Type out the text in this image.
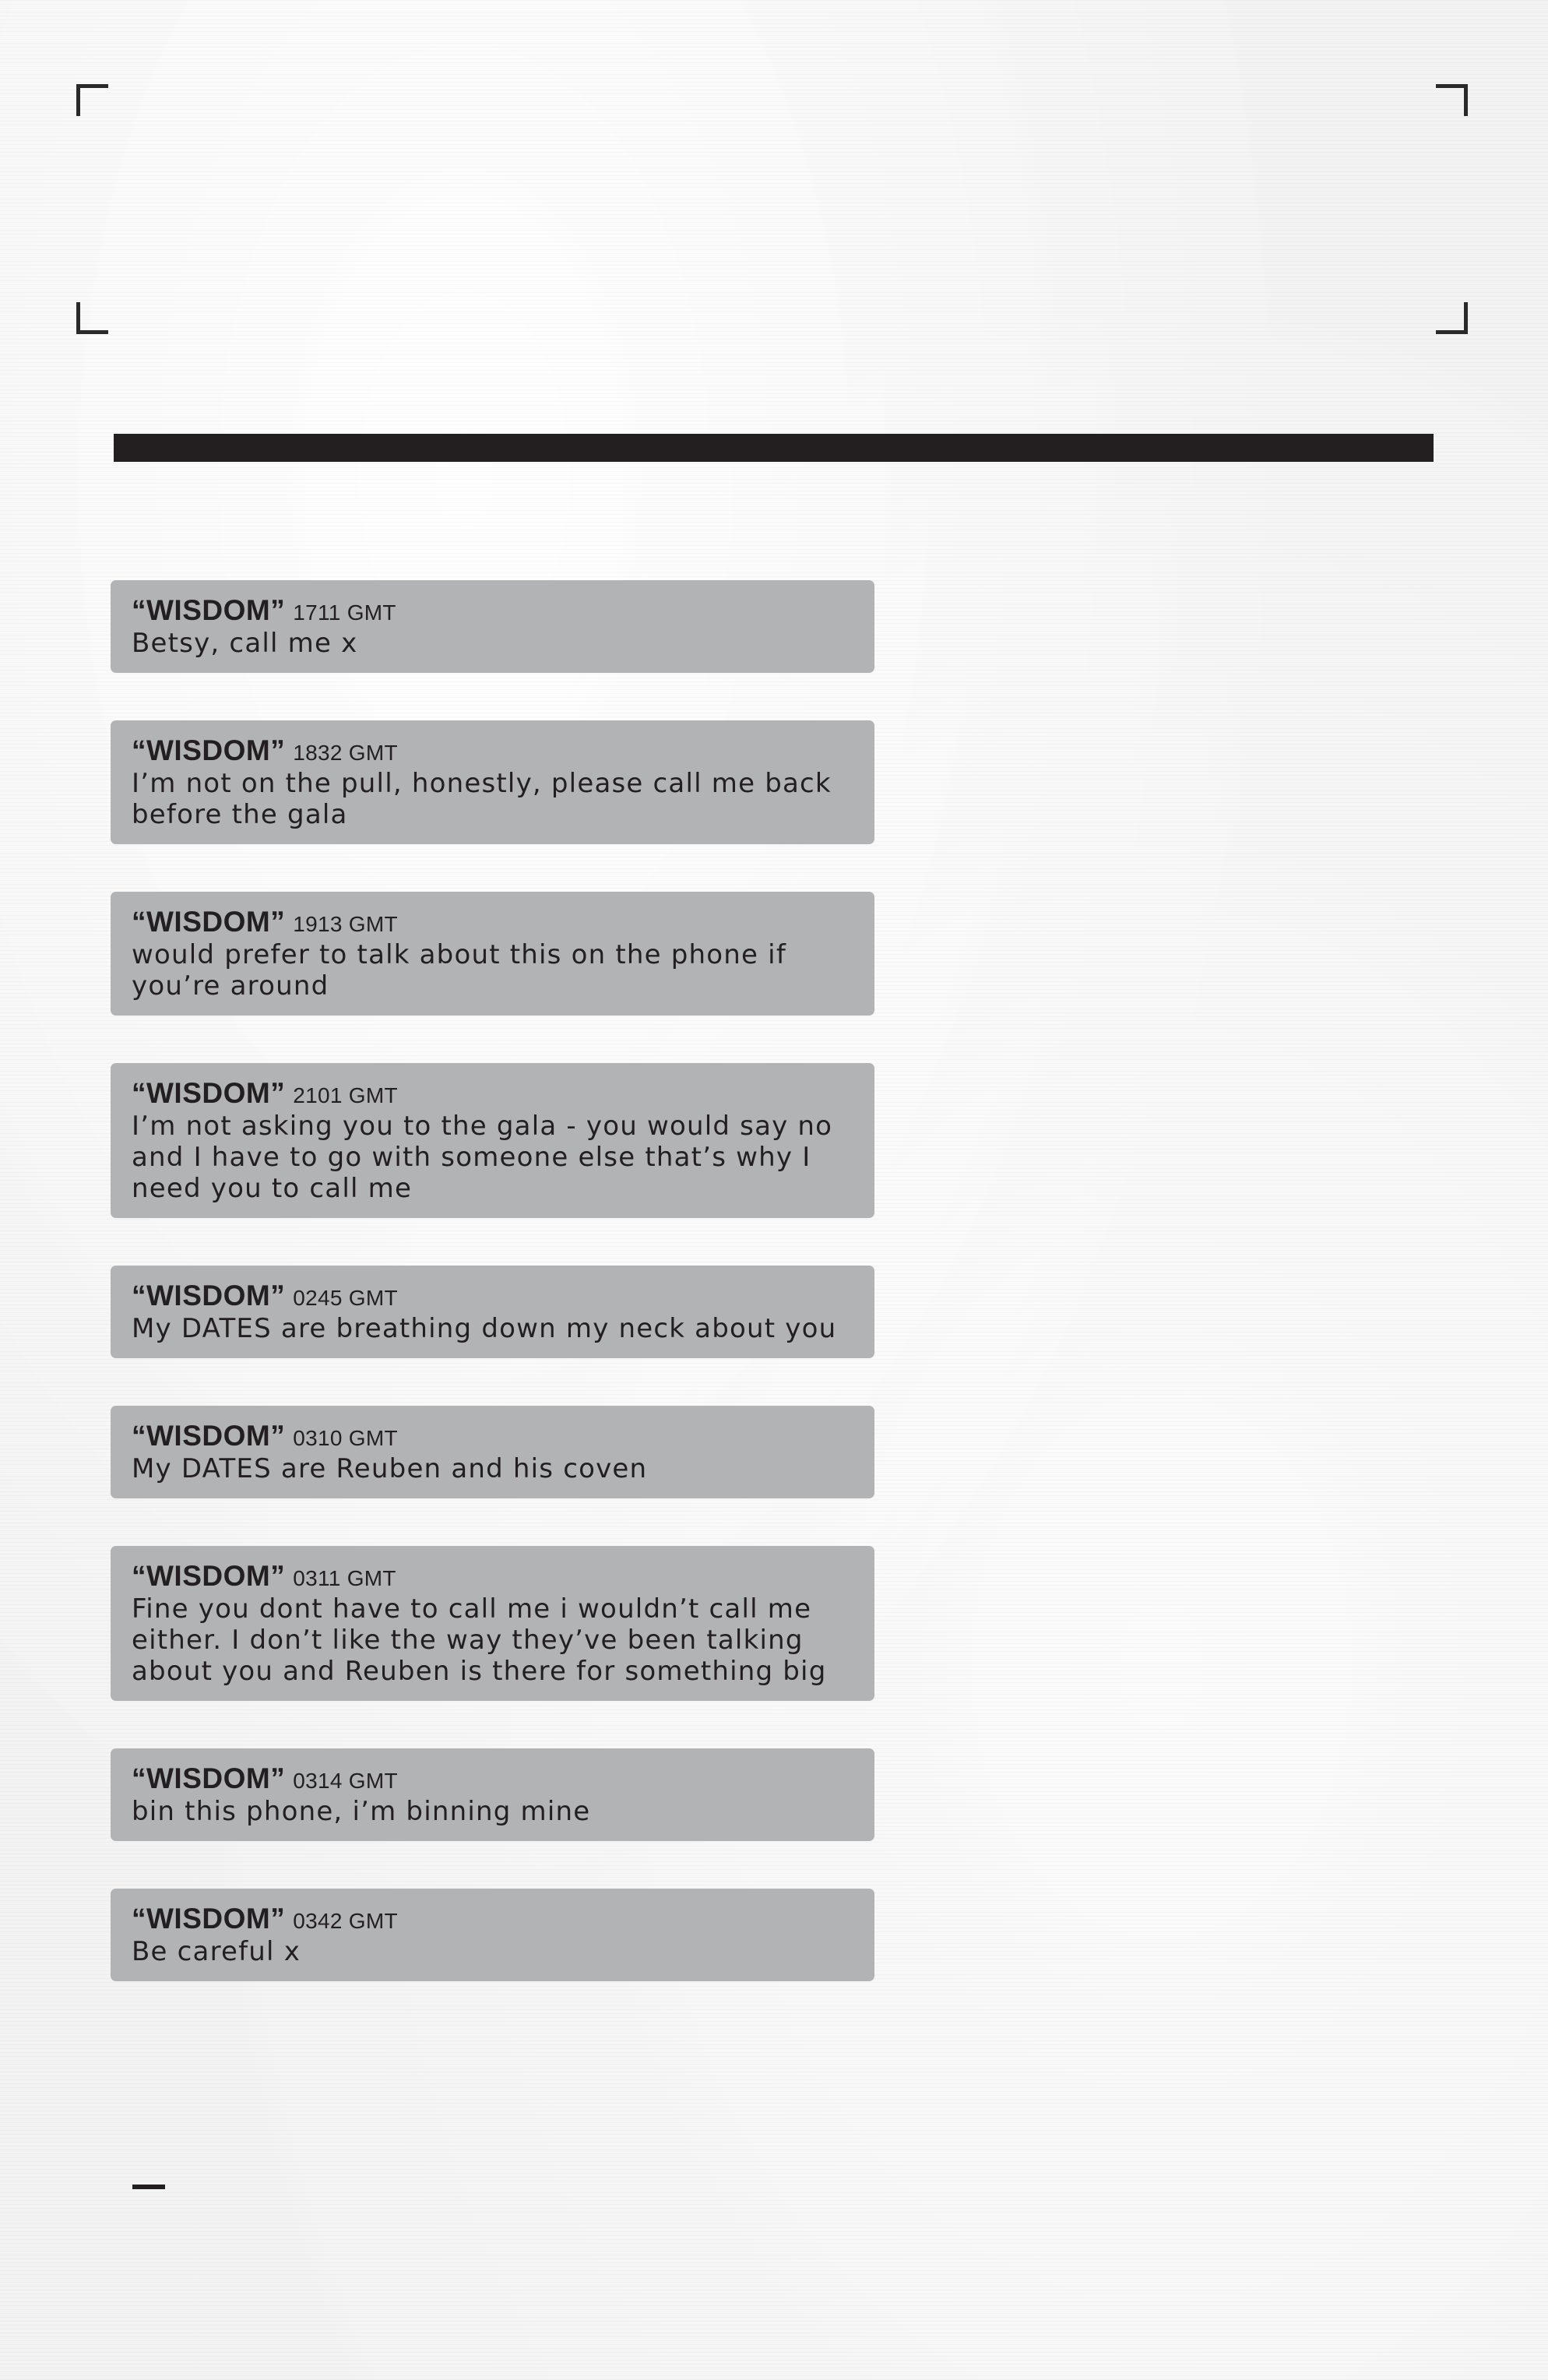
“WISDOM” 1711 GMT
Betsy, call me x
“WISDOM” 1832 GMT
I’m not on the pull, honestly, please call me back
before the gala
“WISDOM” 1913 GMT
would prefer to talk about this on the phone if
you’re around
“WISDOM” 2101 GMT
I’m not asking you to the gala - you would say no
and I have to go with someone else that’s why I
need you to call me
“WISDOM” 0245 GMT
My DATES are breathing down my neck about you
“WISDOM” 0310 GMT
My DATES are Reuben and his coven
“WISDOM” 0311 GMT
Fine you dont have to call me i wouldn’t call me
either. I don’t like the way they’ve been talking
about you and Reuben is there for something big
“WISDOM” 0314 GMT
bin this phone, i’m binning mine
“WISDOM” 0342 GMT
Be careful x
